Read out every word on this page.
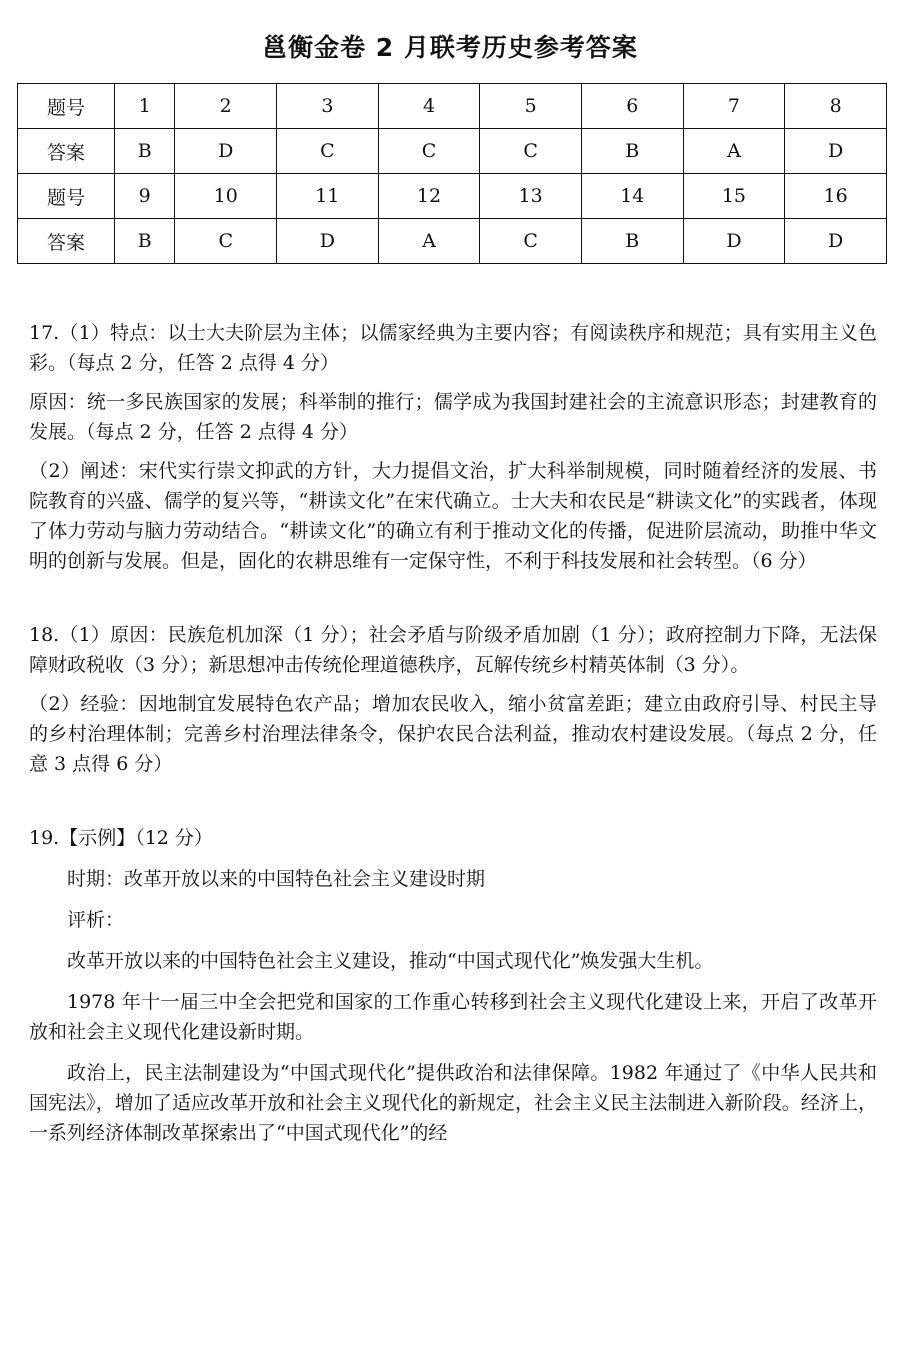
邕衡金卷 2 月联考历史参考答案
题号	1	2	3	4	5	6	7	8
答案	B	D	C	C	C	B	A	D
题号	9	10	11	12	13	14	15	16
答案	B	C	D	A	C	B	D	D

17.（1）特点：以士大夫阶层为主体；以儒家经典为主要内容；有阅读秩序和规范；具有实用主义色彩。（每点 2 分，任答 2 点得 4 分）

原因：统一多民族国家的发展；科举制的推行；儒学成为我国封建社会的主流意识形态；封建教育的发展。（每点 2 分，任答 2 点得 4 分）

（2）阐述：宋代实行崇文抑武的方针，大力提倡文治，扩大科举制规模，同时随着经济的发展、书院教育的兴盛、儒学的复兴等，“耕读文化”在宋代确立。士大夫和农民是“耕读文化”的实践者，体现了体力劳动与脑力劳动结合。“耕读文化”的确立有利于推动文化的传播，促进阶层流动，助推中华文明的创新与发展。但是，固化的农耕思维有一定保守性，不利于科技发展和社会转型。（6 分）

18.（1）原因：民族危机加深（1 分）；社会矛盾与阶级矛盾加剧（1 分）；政府控制力下降，无法保障财政税收（3 分）；新思想冲击传统伦理道德秩序，瓦解传统乡村精英体制（3 分）。

（2）经验：因地制宜发展特色农产品；增加农民收入，缩小贫富差距；建立由政府引导、村民主导的乡村治理体制；完善乡村治理法律条令，保护农民合法利益，推动农村建设发展。（每点 2 分，任意 3 点得 6 分）

19.【示例】（12 分）

时期：改革开放以来的中国特色社会主义建设时期

评析：

改革开放以来的中国特色社会主义建设，推动“中国式现代化”焕发强大生机。

1978 年十一届三中全会把党和国家的工作重心转移到社会主义现代化建设上来，开启了改革开放和社会主义现代化建设新时期。

政治上，民主法制建设为“中国式现代化”提供政治和法律保障。1982 年通过了《中华人民共和国宪法》，增加了适应改革开放和社会主义现代化的新规定，社会主义民主法制进入新阶段。经济上，一系列经济体制改革探索出了“中国式现代化”的经
